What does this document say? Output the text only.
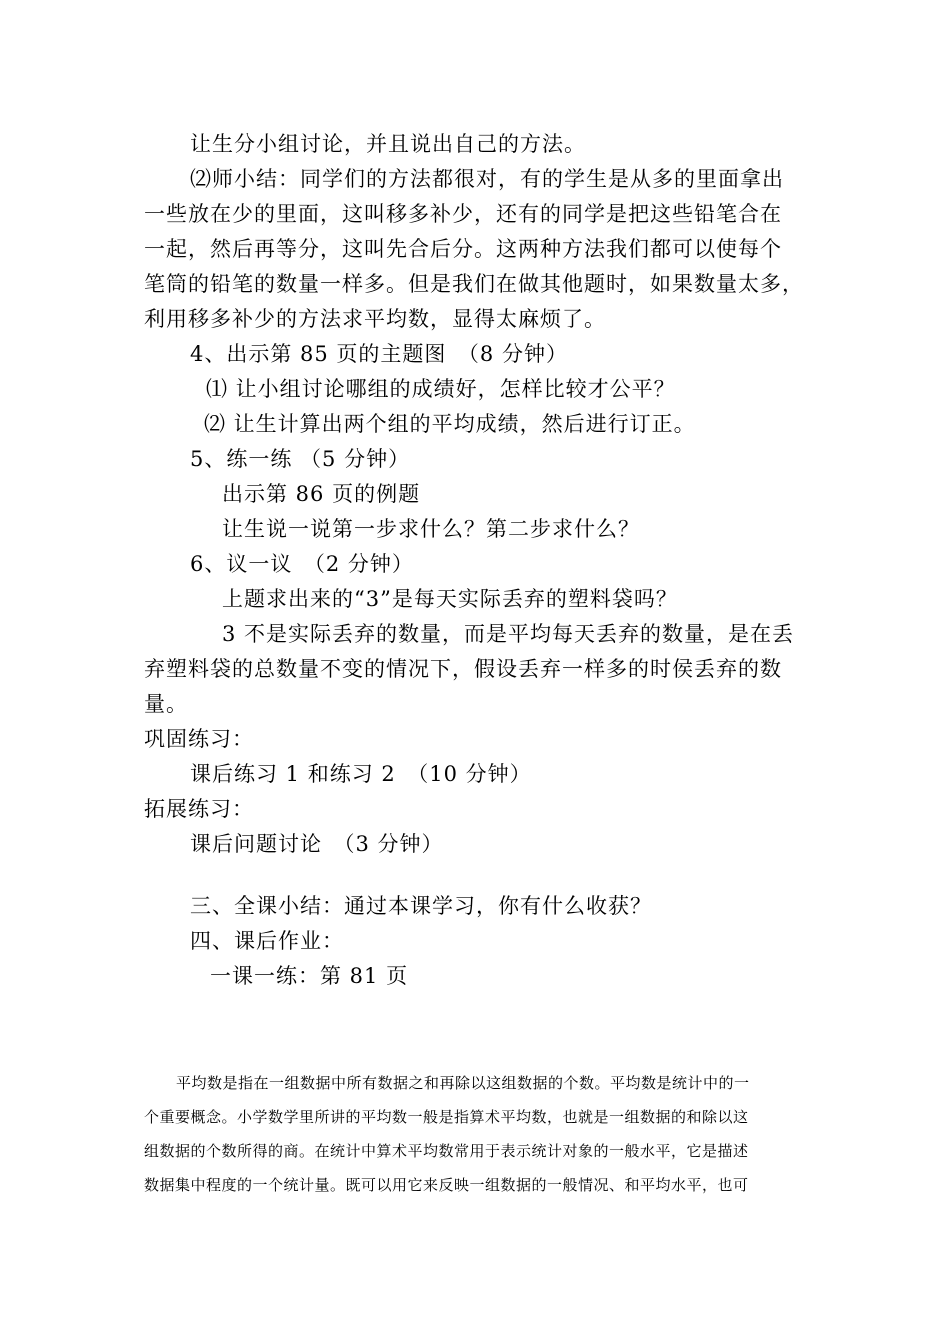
让生分小组讨论，并且说出自己的方法。
⑵师小结：同学们的方法都很对，有的学生是从多的里面拿出
一些放在少的里面，这叫移多补少，还有的同学是把这些铅笔合在
一起，然后再等分，这叫先合后分。这两种方法我们都可以使每个
笔筒的铅笔的数量一样多。但是我们在做其他题时，如果数量太多，
利用移多补少的方法求平均数，显得太麻烦了。
4、出示第 85 页的主题图　（8 分钟）
⑴ 让小组讨论哪组的成绩好，怎样比较才公平？
⑵ 让生计算出两个组的平均成绩，然后进行订正。
5、练一练 （5 分钟）
出示第 86 页的例题
让生说一说第一步求什么？第二步求什么？
6、议一议　（2 分钟）
上题求出来的“3”是每天实际丢弃的塑料袋吗？
3 不是实际丢弃的数量，而是平均每天丢弃的数量，是在丢
弃塑料袋的总数量不变的情况下，假设丢弃一样多的时侯丢弃的数
量。
巩固练习：
课后练习 1 和练习 2　（10 分钟）
拓展练习：
课后问题讨论　（3 分钟）
三、全课小结：通过本课学习，你有什么收获？
四、课后作业：
一课一练：第 81 页
平均数是指在一组数据中所有数据之和再除以这组数据的个数。平均数是统计中的一
个重要概念。小学数学里所讲的平均数一般是指算术平均数，也就是一组数据的和除以这
组数据的个数所得的商。在统计中算术平均数常用于表示统计对象的一般水平，它是描述
数据集中程度的一个统计量。既可以用它来反映一组数据的一般情况、和平均水平，也可
